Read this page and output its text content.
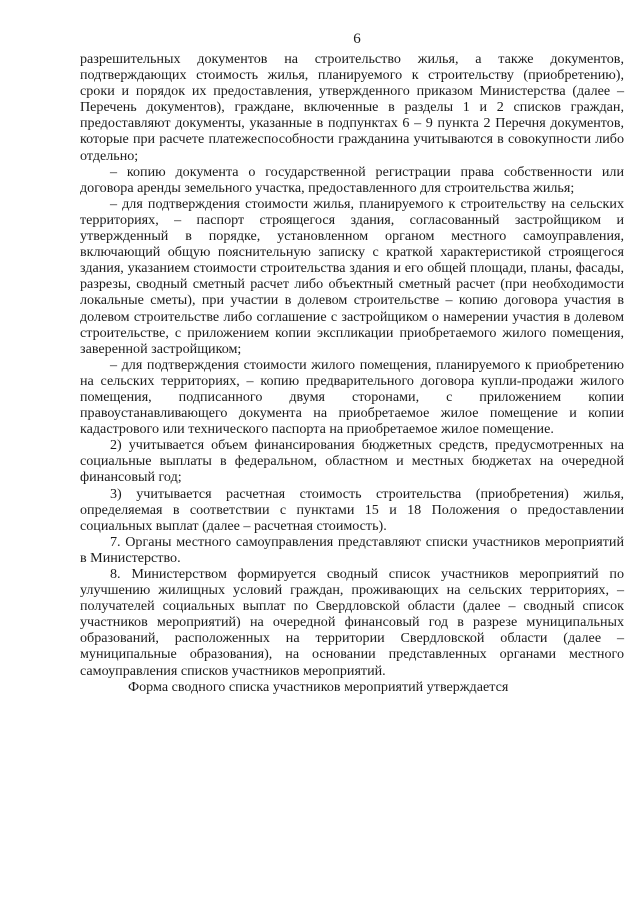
6

разрешительных документов на строительство жилья, а также документов, подтверждающих стоимость жилья, планируемого к строительству (приобретению), сроки и порядок их предоставления, утвержденного приказом Министерства (далее – Перечень документов), граждане, включенные в разделы 1 и 2 списков граждан, предоставляют документы, указанные в подпунктах 6 – 9 пункта 2 Перечня документов, которые при расчете платежеспособности гражданина учитываются в совокупности либо отдельно;

– копию документа о государственной регистрации права собственности или договора аренды земельного участка, предоставленного для строительства жилья;

– для подтверждения стоимости жилья, планируемого к строительству на сельских территориях, – паспорт строящегося здания, согласованный застройщиком и утвержденный в порядке, установленном органом местного самоуправления, включающий общую пояснительную записку с краткой характеристикой строящегося здания, указанием стоимости строительства здания и его общей площади, планы, фасады, разрезы, сводный сметный расчет либо объектный сметный расчет (при необходимости локальные сметы), при участии в долевом строительстве – копию договора участия в долевом строительстве либо соглашение с застройщиком о намерении участия в долевом строительстве, с приложением копии экспликации приобретаемого жилого помещения, заверенной застройщиком;

– для подтверждения стоимости жилого помещения, планируемого к приобретению на сельских территориях, – копию предварительного договора купли-продажи жилого помещения, подписанного двумя сторонами, с приложением копии правоустанавливающего документа на приобретаемое жилое помещение и копии кадастрового или технического паспорта на приобретаемое жилое помещение.

2) учитывается объем финансирования бюджетных средств, предусмотренных на социальные выплаты в федеральном, областном и местных бюджетах на очередной финансовый год;

3) учитывается расчетная стоимость строительства (приобретения) жилья, определяемая в соответствии с пунктами 15 и 18 Положения о предоставлении социальных выплат (далее – расчетная стоимость).

7. Органы местного самоуправления представляют списки участников мероприятий в Министерство.

8. Министерством формируется сводный список участников мероприятий по улучшению жилищных условий граждан, проживающих на сельских территориях, – получателей социальных выплат по Свердловской области (далее – сводный список участников мероприятий) на очередной финансовый год в разрезе муниципальных образований, расположенных на территории Свердловской области (далее – муниципальные образования), на основании представленных органами местного самоуправления списков участников мероприятий.

Форма сводного списка участников мероприятий утверждается
